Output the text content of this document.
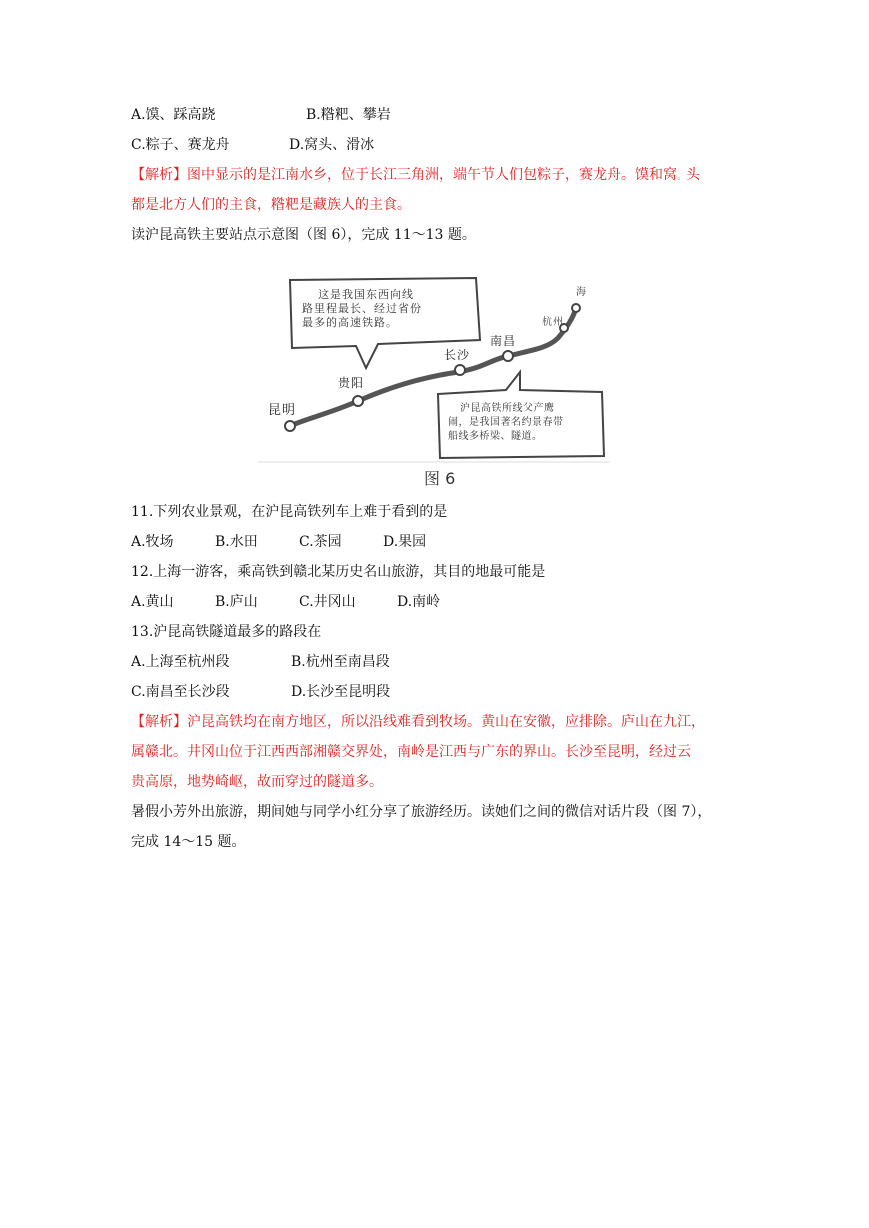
A.馍、踩高跷	B.糌粑、攀岩
C.粽子、赛龙舟	D.窝头、滑冰
【解析】图中显示的是江南水乡，位于长江三角洲，端午节人们包粽子，赛龙舟。馍和窝。头
都是北方人们的主食，糌粑是藏族人的主食。
读沪昆高铁主要站点示意图（图 6），完成 11～13 题。
昆明
贵阳
长沙
南昌
杭州
海
这是我国东西向线
路里程最长、经过省份
最多的高速铁路。
沪昆高铁所线父产鹰
闹，是我国著名约景春带
船线多桥梁、隧道。
图 6
11.下列农业景观，在沪昆高铁列车上难于看到的是
A.牧场	B.水田	C.茶园	D.果园
12.上海一游客，乘高铁到赣北某历史名山旅游，其目的地最可能是
A.黄山	B.庐山	C.井冈山	D.南岭
13.沪昆高铁隧道最多的路段在
A.上海至杭州段	B.杭州至南昌段
C.南昌至长沙段	D.长沙至昆明段
【解析】沪昆高铁均在南方地区，所以沿线难看到牧场。黄山在安徽，应排除。庐山在九江，
属赣北。井冈山位于江西西部湘赣交界处，南岭是江西与广东的界山。长沙至昆明，经过云
贵高原，地势崎岖，故而穿过的隧道多。
暑假小芳外出旅游，期间她与同学小红分享了旅游经历。读她们之间的微信对话片段（图 7），
完成 14～15 题。
